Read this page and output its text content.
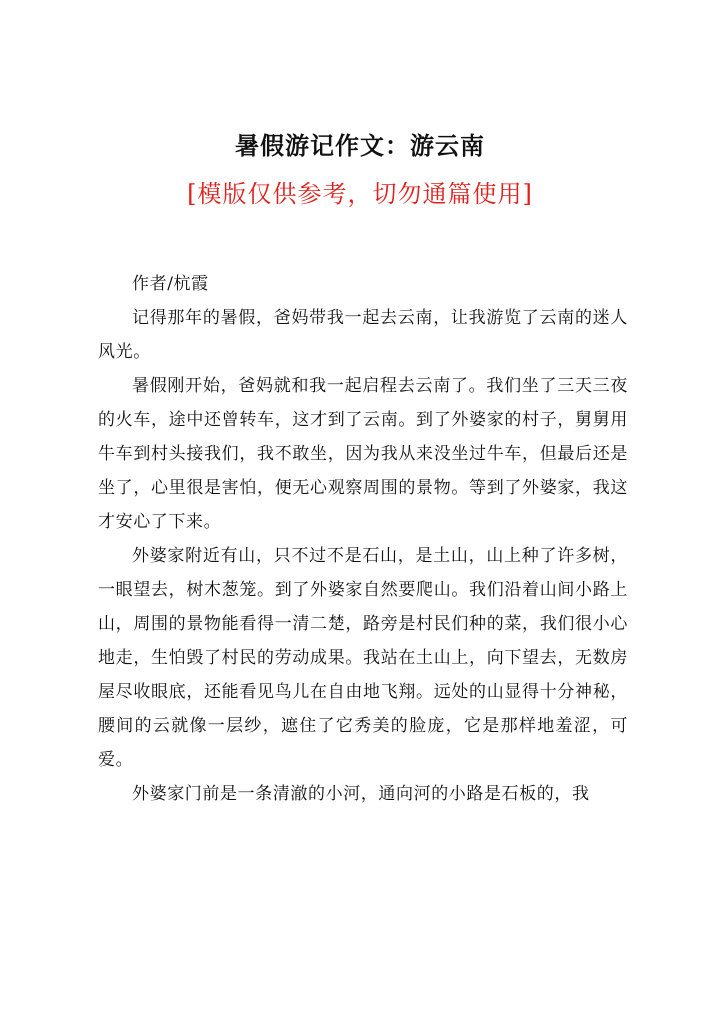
暑假游记作文：游云南
[模版仅供参考，切勿通篇使用]

作者/杭霞

记得那年的暑假，爸妈带我一起去云南，让我游览了云南的迷人风光。

暑假刚开始，爸妈就和我一起启程去云南了。我们坐了三天三夜的火车，途中还曾转车，这才到了云南。到了外婆家的村子，舅舅用牛车到村头接我们，我不敢坐，因为我从来没坐过牛车，但最后还是坐了，心里很是害怕，便无心观察周围的景物。等到了外婆家，我这才安心了下来。

外婆家附近有山，只不过不是石山，是土山，山上种了许多树，一眼望去，树木葱笼。到了外婆家自然要爬山。我们沿着山间小路上山，周围的景物能看得一清二楚，路旁是村民们种的菜，我们很小心地走，生怕毁了村民的劳动成果。我站在土山上，向下望去，无数房屋尽收眼底，还能看见鸟儿在自由地飞翔。远处的山显得十分神秘，腰间的云就像一层纱，遮住了它秀美的脸庞，它是那样地羞涩，可爱。

外婆家门前是一条清澈的小河，通向河的小路是石板的，我
